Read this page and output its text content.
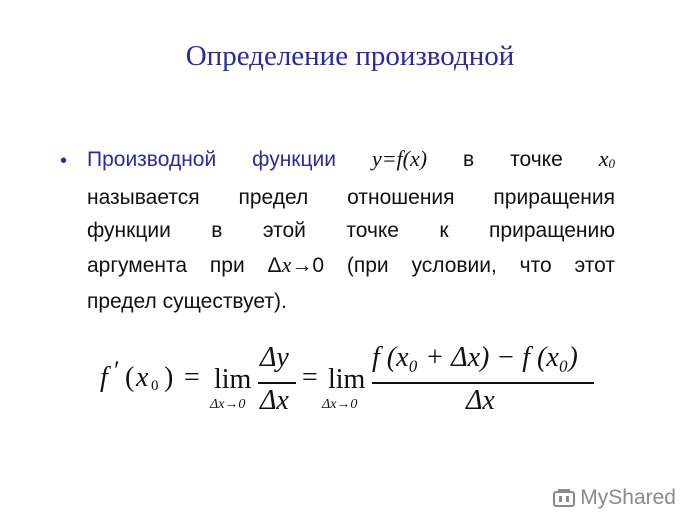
Определение производной
• Производной функции y=f(x) в точке x0
называется предел отношения приращения
функции в этой точке к приращению
аргумента при Δx→0 (при условии, что этот
предел существует).
f ′ ( x 0 ) = lim
Δx→0
Δy
Δx
= lim
Δx→0
f (x₀ + Δx) − f (x₀)
Δx
MyShared
